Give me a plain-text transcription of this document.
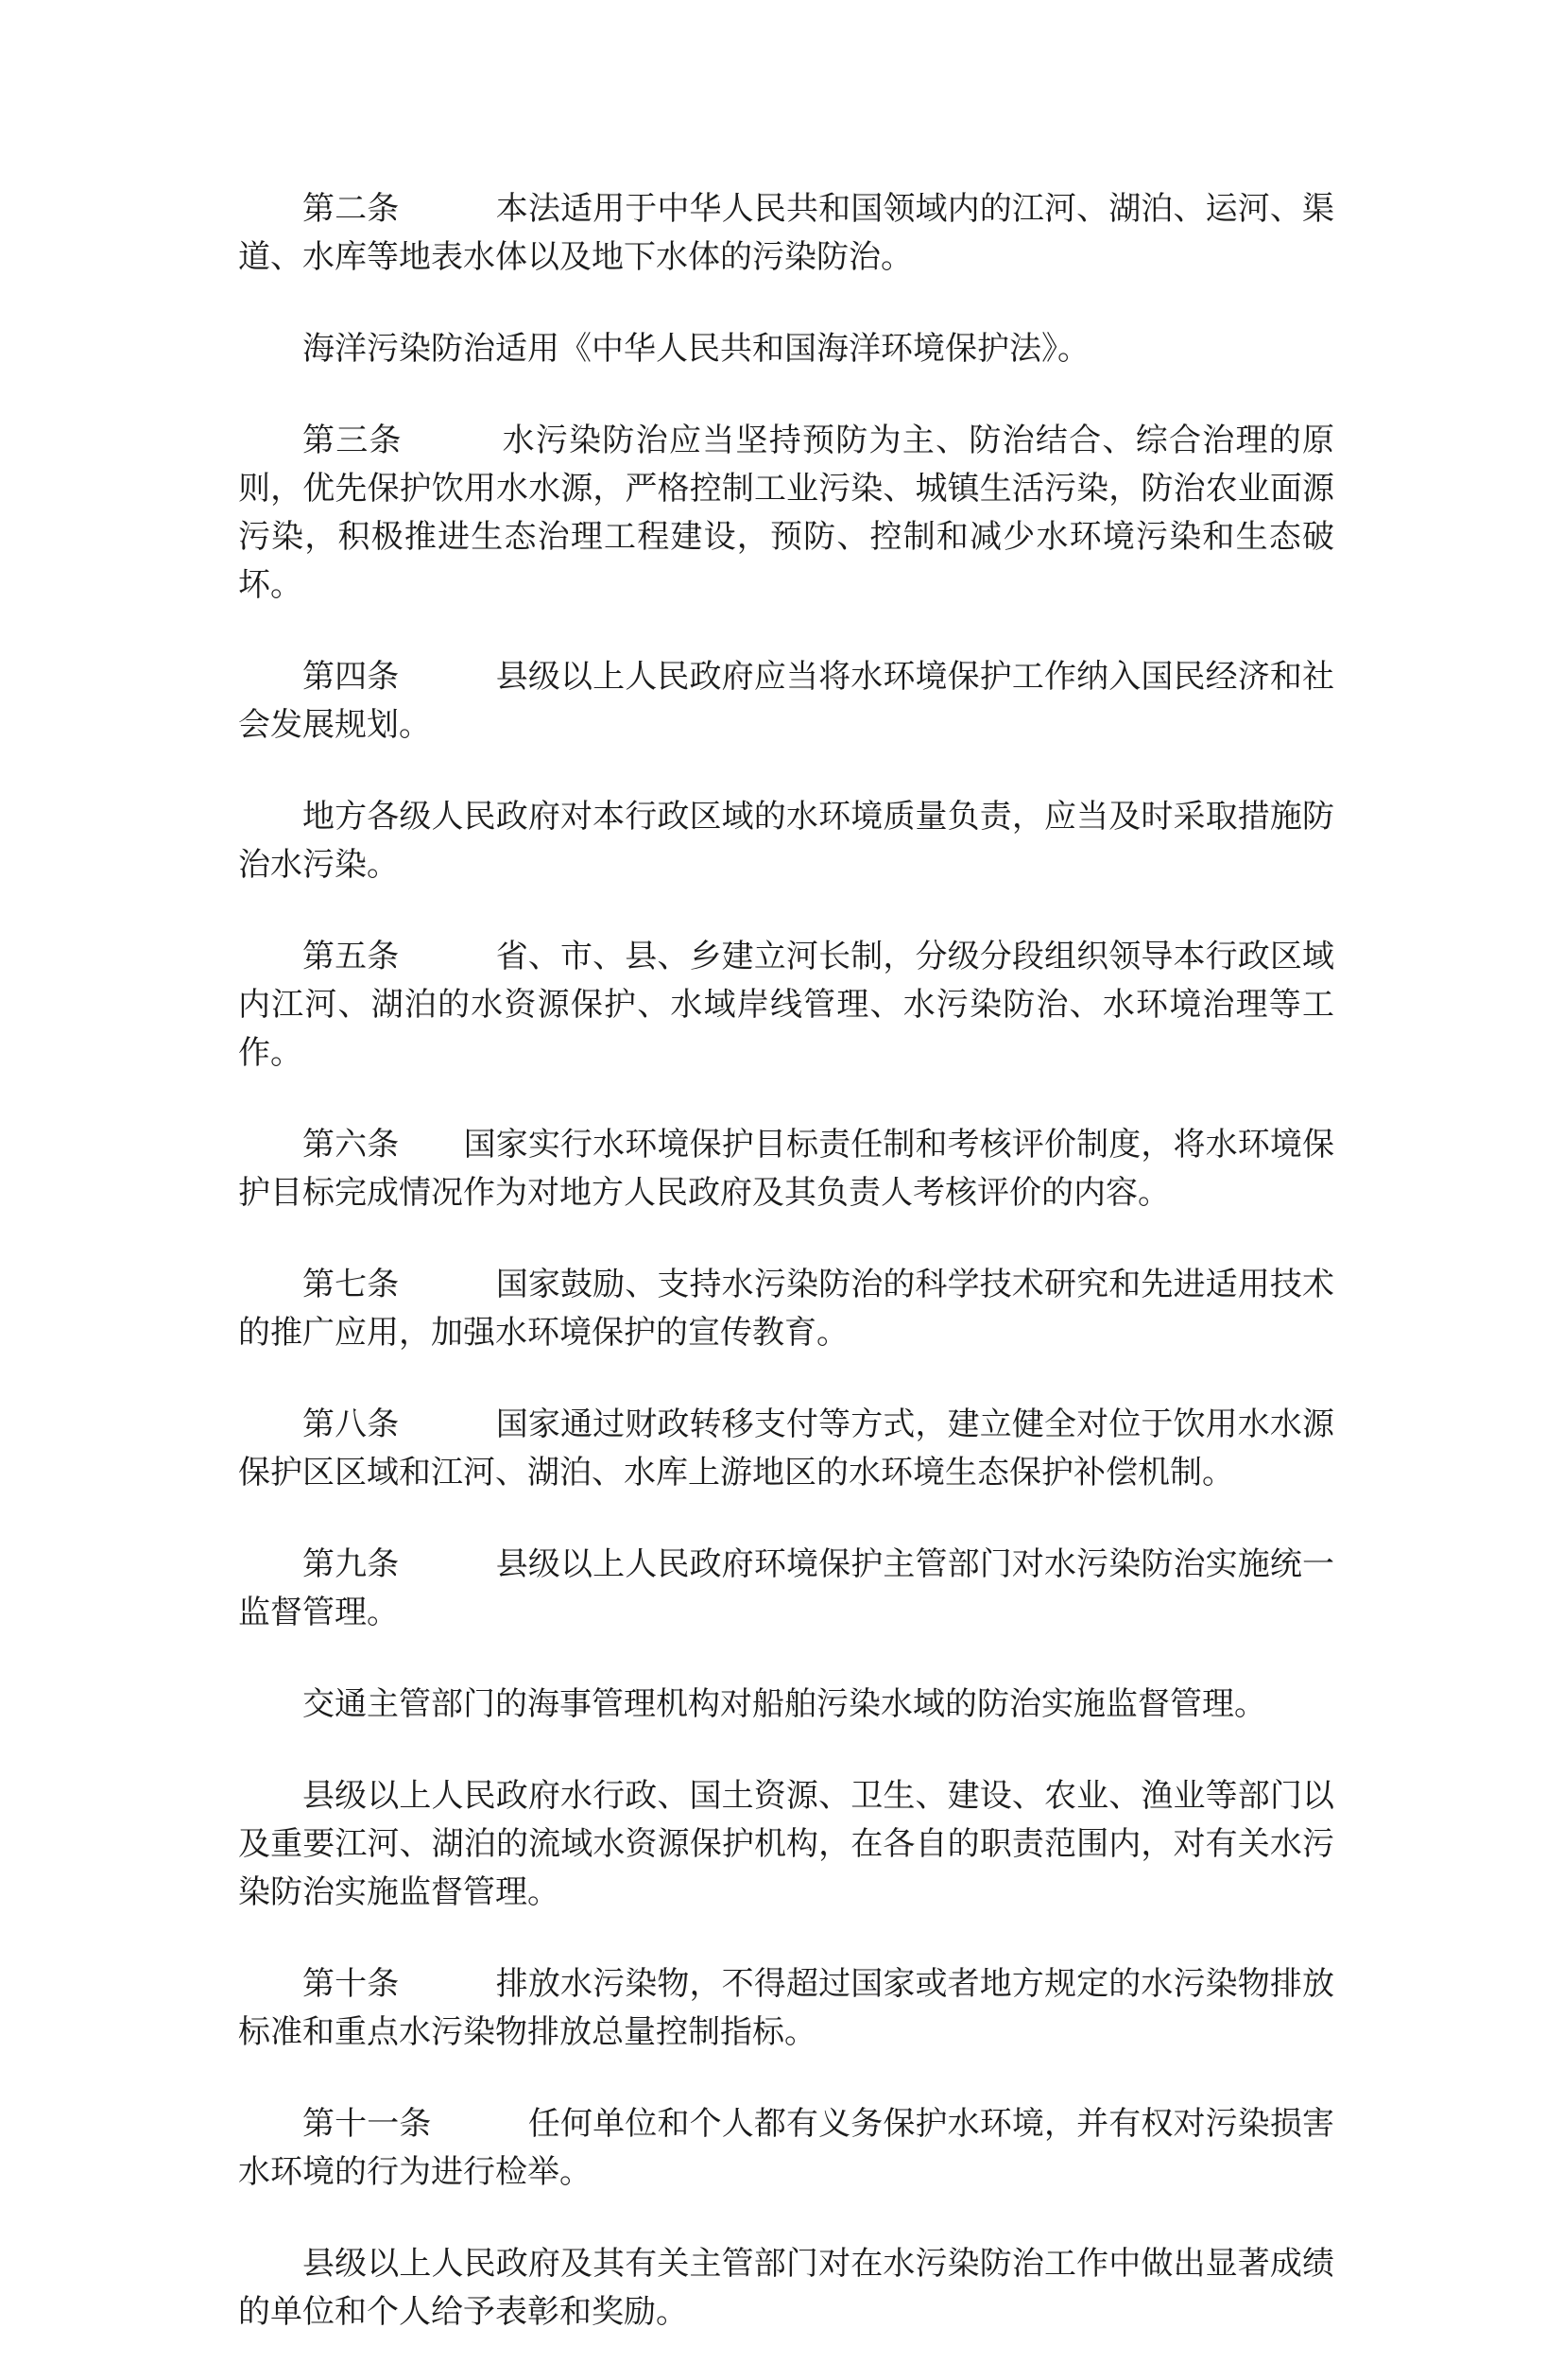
第二条　　　	本法适用于中华人民共和国领域内的江河、湖泊、运河、渠道、水库等地表水体以及地下水体的污染防治。

海洋污染防治适用《中华人民共和国海洋环境保护法》。

第三条　　　	水污染防治应当坚持预防为主、防治结合、综合治理的原则，优先保护饮用水水源，严格控制工业污染、城镇生活污染，防治农业面源污染，积极推进生态治理工程建设，预防、控制和减少水环境污染和生态破坏。

第四条　　　	县级以上人民政府应当将水环境保护工作纳入国民经济和社会发展规划。

地方各级人民政府对本行政区域的水环境质量负责，应当及时采取措施防治水污染。

第五条　　　	省、市、县、乡建立河长制，分级分段组织领导本行政区域内江河、湖泊的水资源保护、水域岸线管理、水污染防治、水环境治理等工作。

第六条　　 国家实行水环境保护目标责任制和考核评价制度，将水环境保护目标完成情况作为对地方人民政府及其负责人考核评价的内容。

第七条　　　	国家鼓励、支持水污染防治的科学技术研究和先进适用技术的推广应用，加强水环境保护的宣传教育。

第八条　　　	国家通过财政转移支付等方式，建立健全对位于饮用水水源保护区区域和江河、湖泊、水库上游地区的水环境生态保护补偿机制。

第九条　　　	县级以上人民政府环境保护主管部门对水污染防治实施统一监督管理。

交通主管部门的海事管理机构对船舶污染水域的防治实施监督管理。

县级以上人民政府水行政、国土资源、卫生、建设、农业、渔业等部门以及重要江河、湖泊的流域水资源保护机构，在各自的职责范围内，对有关水污染防治实施监督管理。

第十条　　　	排放水污染物，不得超过国家或者地方规定的水污染物排放标准和重点水污染物排放总量控制指标。

第十一条　　　	任何单位和个人都有义务保护水环境，并有权对污染损害水环境的行为进行检举。

县级以上人民政府及其有关主管部门对在水污染防治工作中做出显著成绩的单位和个人给予表彰和奖励。
